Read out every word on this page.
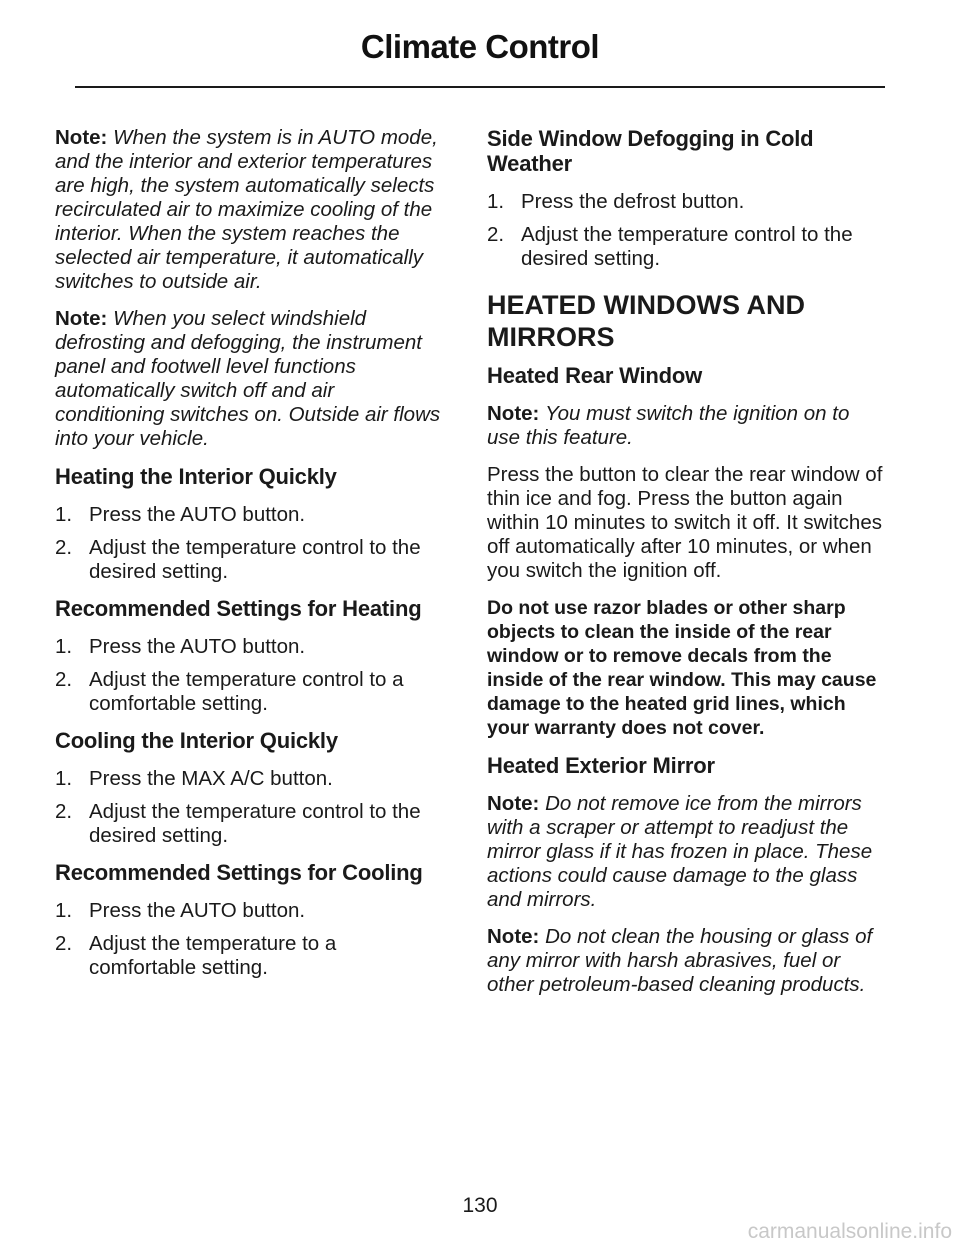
Climate Control

Note: When the system is in AUTO mode, and the interior and exterior temperatures are high, the system automatically selects recirculated air to maximize cooling of the interior. When the system reaches the selected air temperature, it automatically switches to outside air.

Note: When you select windshield defrosting and defogging, the instrument panel and footwell level functions automatically switch off and air conditioning switches on. Outside air flows into your vehicle.

Heating the Interior Quickly
1. Press the AUTO button.
2. Adjust the temperature control to the desired setting.
Recommended Settings for Heating
1. Press the AUTO button.
2. Adjust the temperature control to a comfortable setting.
Cooling the Interior Quickly
1. Press the MAX A/C button.
2. Adjust the temperature control to the desired setting.
Recommended Settings for Cooling
1. Press the AUTO button.
2. Adjust the temperature to a comfortable setting.
Side Window Defogging in Cold Weather
1. Press the defrost button.
2. Adjust the temperature control to the desired setting.
HEATED WINDOWS AND MIRRORS
Heated Rear Window

Note: You must switch the ignition on to use this feature.

Press the button to clear the rear window of thin ice and fog. Press the button again within 10 minutes to switch it off. It switches off automatically after 10 minutes, or when you switch the ignition off.

Do not use razor blades or other sharp objects to clean the inside of the rear window or to remove decals from the inside of the rear window. This may cause damage to the heated grid lines, which your warranty does not cover.

Heated Exterior Mirror

Note: Do not remove ice from the mirrors with a scraper or attempt to readjust the mirror glass if it has frozen in place. These actions could cause damage to the glass and mirrors.

Note: Do not clean the housing or glass of any mirror with harsh abrasives, fuel or other petroleum-based cleaning products.

130
carmanualsonline.info
